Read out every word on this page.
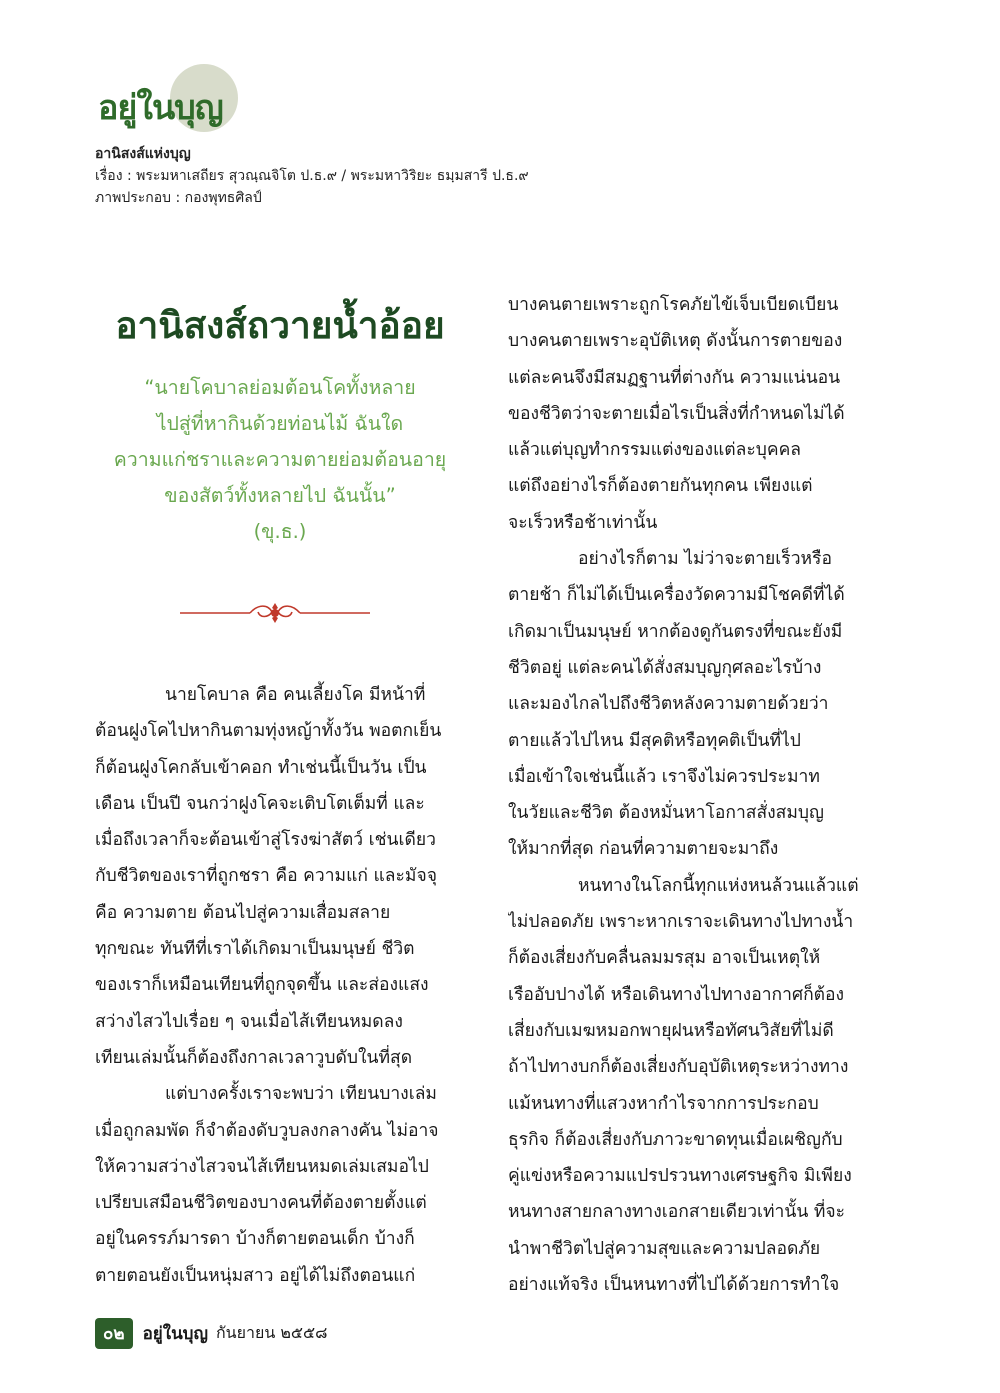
อยู่ในบุญ
อานิสงส์แห่งบุญ
เรื่อง : พระมหาเสถียร สุวณฺณจิโต ป.ธ.๙ / พระมหาวิริยะ ธมฺมสารี ป.ธ.๙
ภาพประกอบ : กองพุทธศิลป์
อานิสงส์ถวายน้ำอ้อย
“นายโคบาลย่อมต้อนโคทั้งหลาย
ไปสู่ที่หากินด้วยท่อนไม้ ฉันใด
ความแก่ชราและความตายย่อมต้อนอายุ
ของสัตว์ทั้งหลายไป ฉันนั้น”
(ขุ.ธ.)

นายโคบาล คือ คนเลี้ยงโค มีหน้าที่
ต้อนฝูงโคไปหากินตามทุ่งหญ้าทั้งวัน พอตกเย็น
ก็ต้อนฝูงโคกลับเข้าคอก ทำเช่นนี้เป็นวัน เป็น
เดือน เป็นปี จนกว่าฝูงโคจะเติบโตเต็มที่ และ
เมื่อถึงเวลาก็จะต้อนเข้าสู่โรงฆ่าสัตว์ เช่นเดียว
กับชีวิตของเราที่ถูกชรา คือ ความแก่ และมัจจุ
คือ ความตาย ต้อนไปสู่ความเสื่อมสลาย
ทุกขณะ ทันทีที่เราได้เกิดมาเป็นมนุษย์ ชีวิต
ของเราก็เหมือนเทียนที่ถูกจุดขึ้น และส่องแสง
สว่างไสวไปเรื่อย ๆ จนเมื่อไส้เทียนหมดลง
เทียนเล่มนั้นก็ต้องถึงกาลเวลาวูบดับในที่สุด

แต่บางครั้งเราจะพบว่า เทียนบางเล่ม
เมื่อถูกลมพัด ก็จำต้องดับวูบลงกลางคัน ไม่อาจ
ให้ความสว่างไสวจนไส้เทียนหมดเล่มเสมอไป
เปรียบเสมือนชีวิตของบางคนที่ต้องตายตั้งแต่
อยู่ในครรภ์มารดา บ้างก็ตายตอนเด็ก บ้างก็
ตายตอนยังเป็นหนุ่มสาว อยู่ได้ไม่ถึงตอนแก่

บางคนตายเพราะถูกโรคภัยไข้เจ็บเบียดเบียน
บางคนตายเพราะอุบัติเหตุ ดังนั้นการตายของ
แต่ละคนจึงมีสมฏฐานที่ต่างกัน ความแน่นอน
ของชีวิตว่าจะตายเมื่อไรเป็นสิ่งที่กำหนดไม่ได้
แล้วแต่บุญทำกรรมแต่งของแต่ละบุคคล
แต่ถึงอย่างไรก็ต้องตายกันทุกคน เพียงแต่
จะเร็วหรือช้าเท่านั้น

อย่างไรก็ตาม ไม่ว่าจะตายเร็วหรือ
ตายช้า ก็ไม่ได้เป็นเครื่องวัดความมีโชคดีที่ได้
เกิดมาเป็นมนุษย์ หากต้องดูกันตรงที่ขณะยังมี
ชีวิตอยู่ แต่ละคนได้สั่งสมบุญกุศลอะไรบ้าง
และมองไกลไปถึงชีวิตหลังความตายด้วยว่า
ตายแล้วไปไหน มีสุคติหรือทุคติเป็นที่ไป
เมื่อเข้าใจเช่นนี้แล้ว เราจึงไม่ควรประมาท
ในวัยและชีวิต ต้องหมั่นหาโอกาสสั่งสมบุญ
ให้มากที่สุด ก่อนที่ความตายจะมาถึง

หนทางในโลกนี้ทุกแห่งหนล้วนแล้วแต่
ไม่ปลอดภัย เพราะหากเราจะเดินทางไปทางน้ำ
ก็ต้องเสี่ยงกับคลื่นลมมรสุม อาจเป็นเหตุให้
เรืออับปางได้ หรือเดินทางไปทางอากาศก็ต้อง
เสี่ยงกับเมฆหมอกพายุฝนหรือทัศนวิสัยที่ไม่ดี
ถ้าไปทางบกก็ต้องเสี่ยงกับอุบัติเหตุระหว่างทาง
แม้หนทางที่แสวงหากำไรจากการประกอบ
ธุรกิจ ก็ต้องเสี่ยงกับภาวะขาดทุนเมื่อเผชิญกับ
คู่แข่งหรือความแปรปรวนทางเศรษฐกิจ มิเพียง
หนทางสายกลางทางเอกสายเดียวเท่านั้น ที่จะ
นำพาชีวิตไปสู่ความสุขและความปลอดภัย
อย่างแท้จริง เป็นหนทางที่ไปได้ด้วยการทำใจ

๐๒	อยู่ในบุญ กันยายน ๒๕๕๘
